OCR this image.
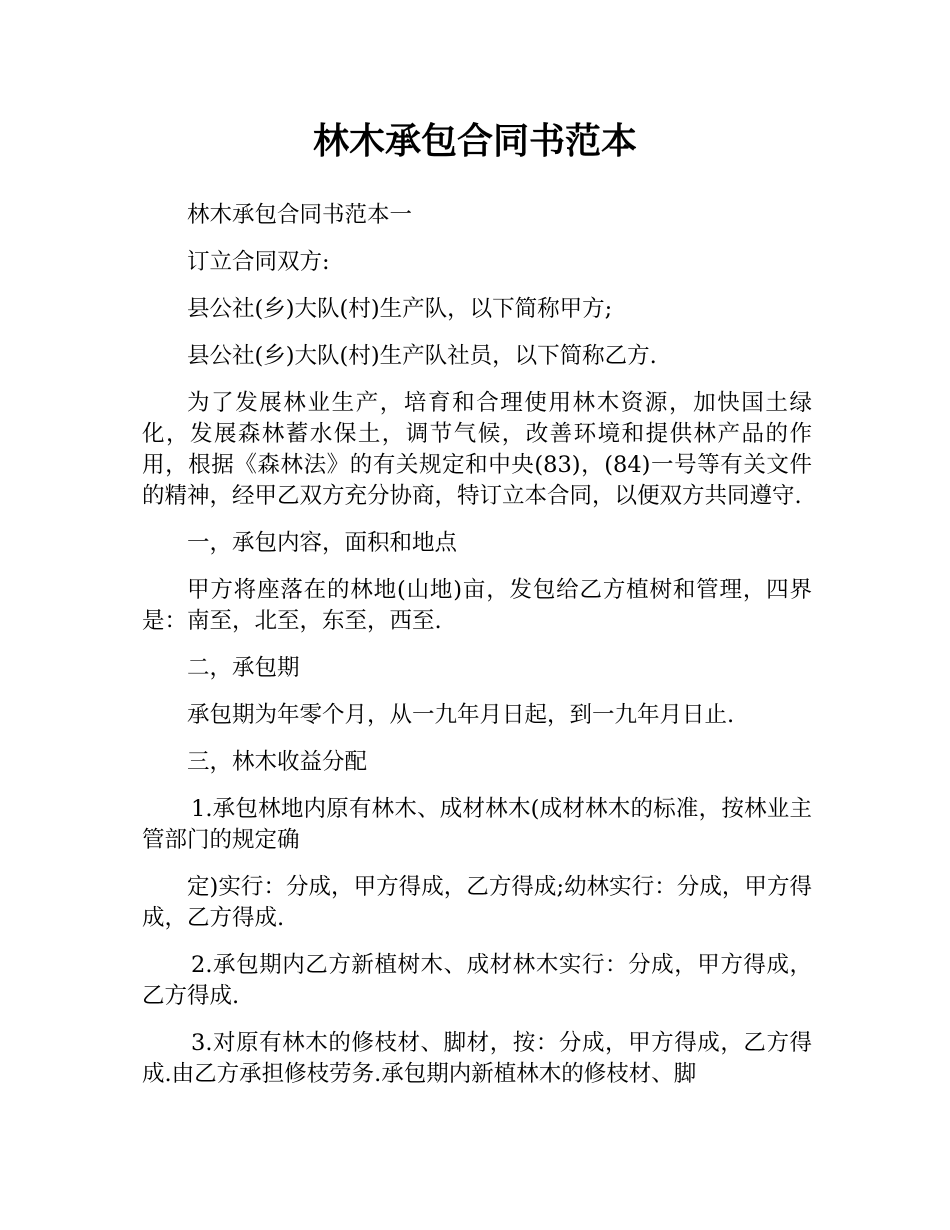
林木承包合同书范本

林木承包合同书范本一

订立合同双方:

县公社(乡)大队(村)生产队，以下简称甲方;

县公社(乡)大队(村)生产队社员，以下简称乙方.

为了发展林业生产，培育和合理使用林木资源，加快国土绿化，发展森林蓄水保土，调节气候，改善环境和提供林产品的作用，根据《森林法》的有关规定和中央(83)，(84)一号等有关文件的精神，经甲乙双方充分协商，特订立本合同，以便双方共同遵守.

一，承包内容，面积和地点

甲方将座落在的林地(山地)亩，发包给乙方植树和管理，四界是：南至，北至，东至，西至.

二，承包期

承包期为年零个月，从一九年月日起，到一九年月日止.

三，林木收益分配

1.承包林地内原有林木、成材林木(成材林木的标准，按林业主管部门的规定确

定)实行：分成，甲方得成，乙方得成;幼林实行：分成，甲方得成，乙方得成.

2.承包期内乙方新植树木、成材林木实行：分成，甲方得成，乙方得成.

3.对原有林木的修枝材、脚材，按：分成，甲方得成，乙方得成.由乙方承担修枝劳务.承包期内新植林木的修枝材、脚
